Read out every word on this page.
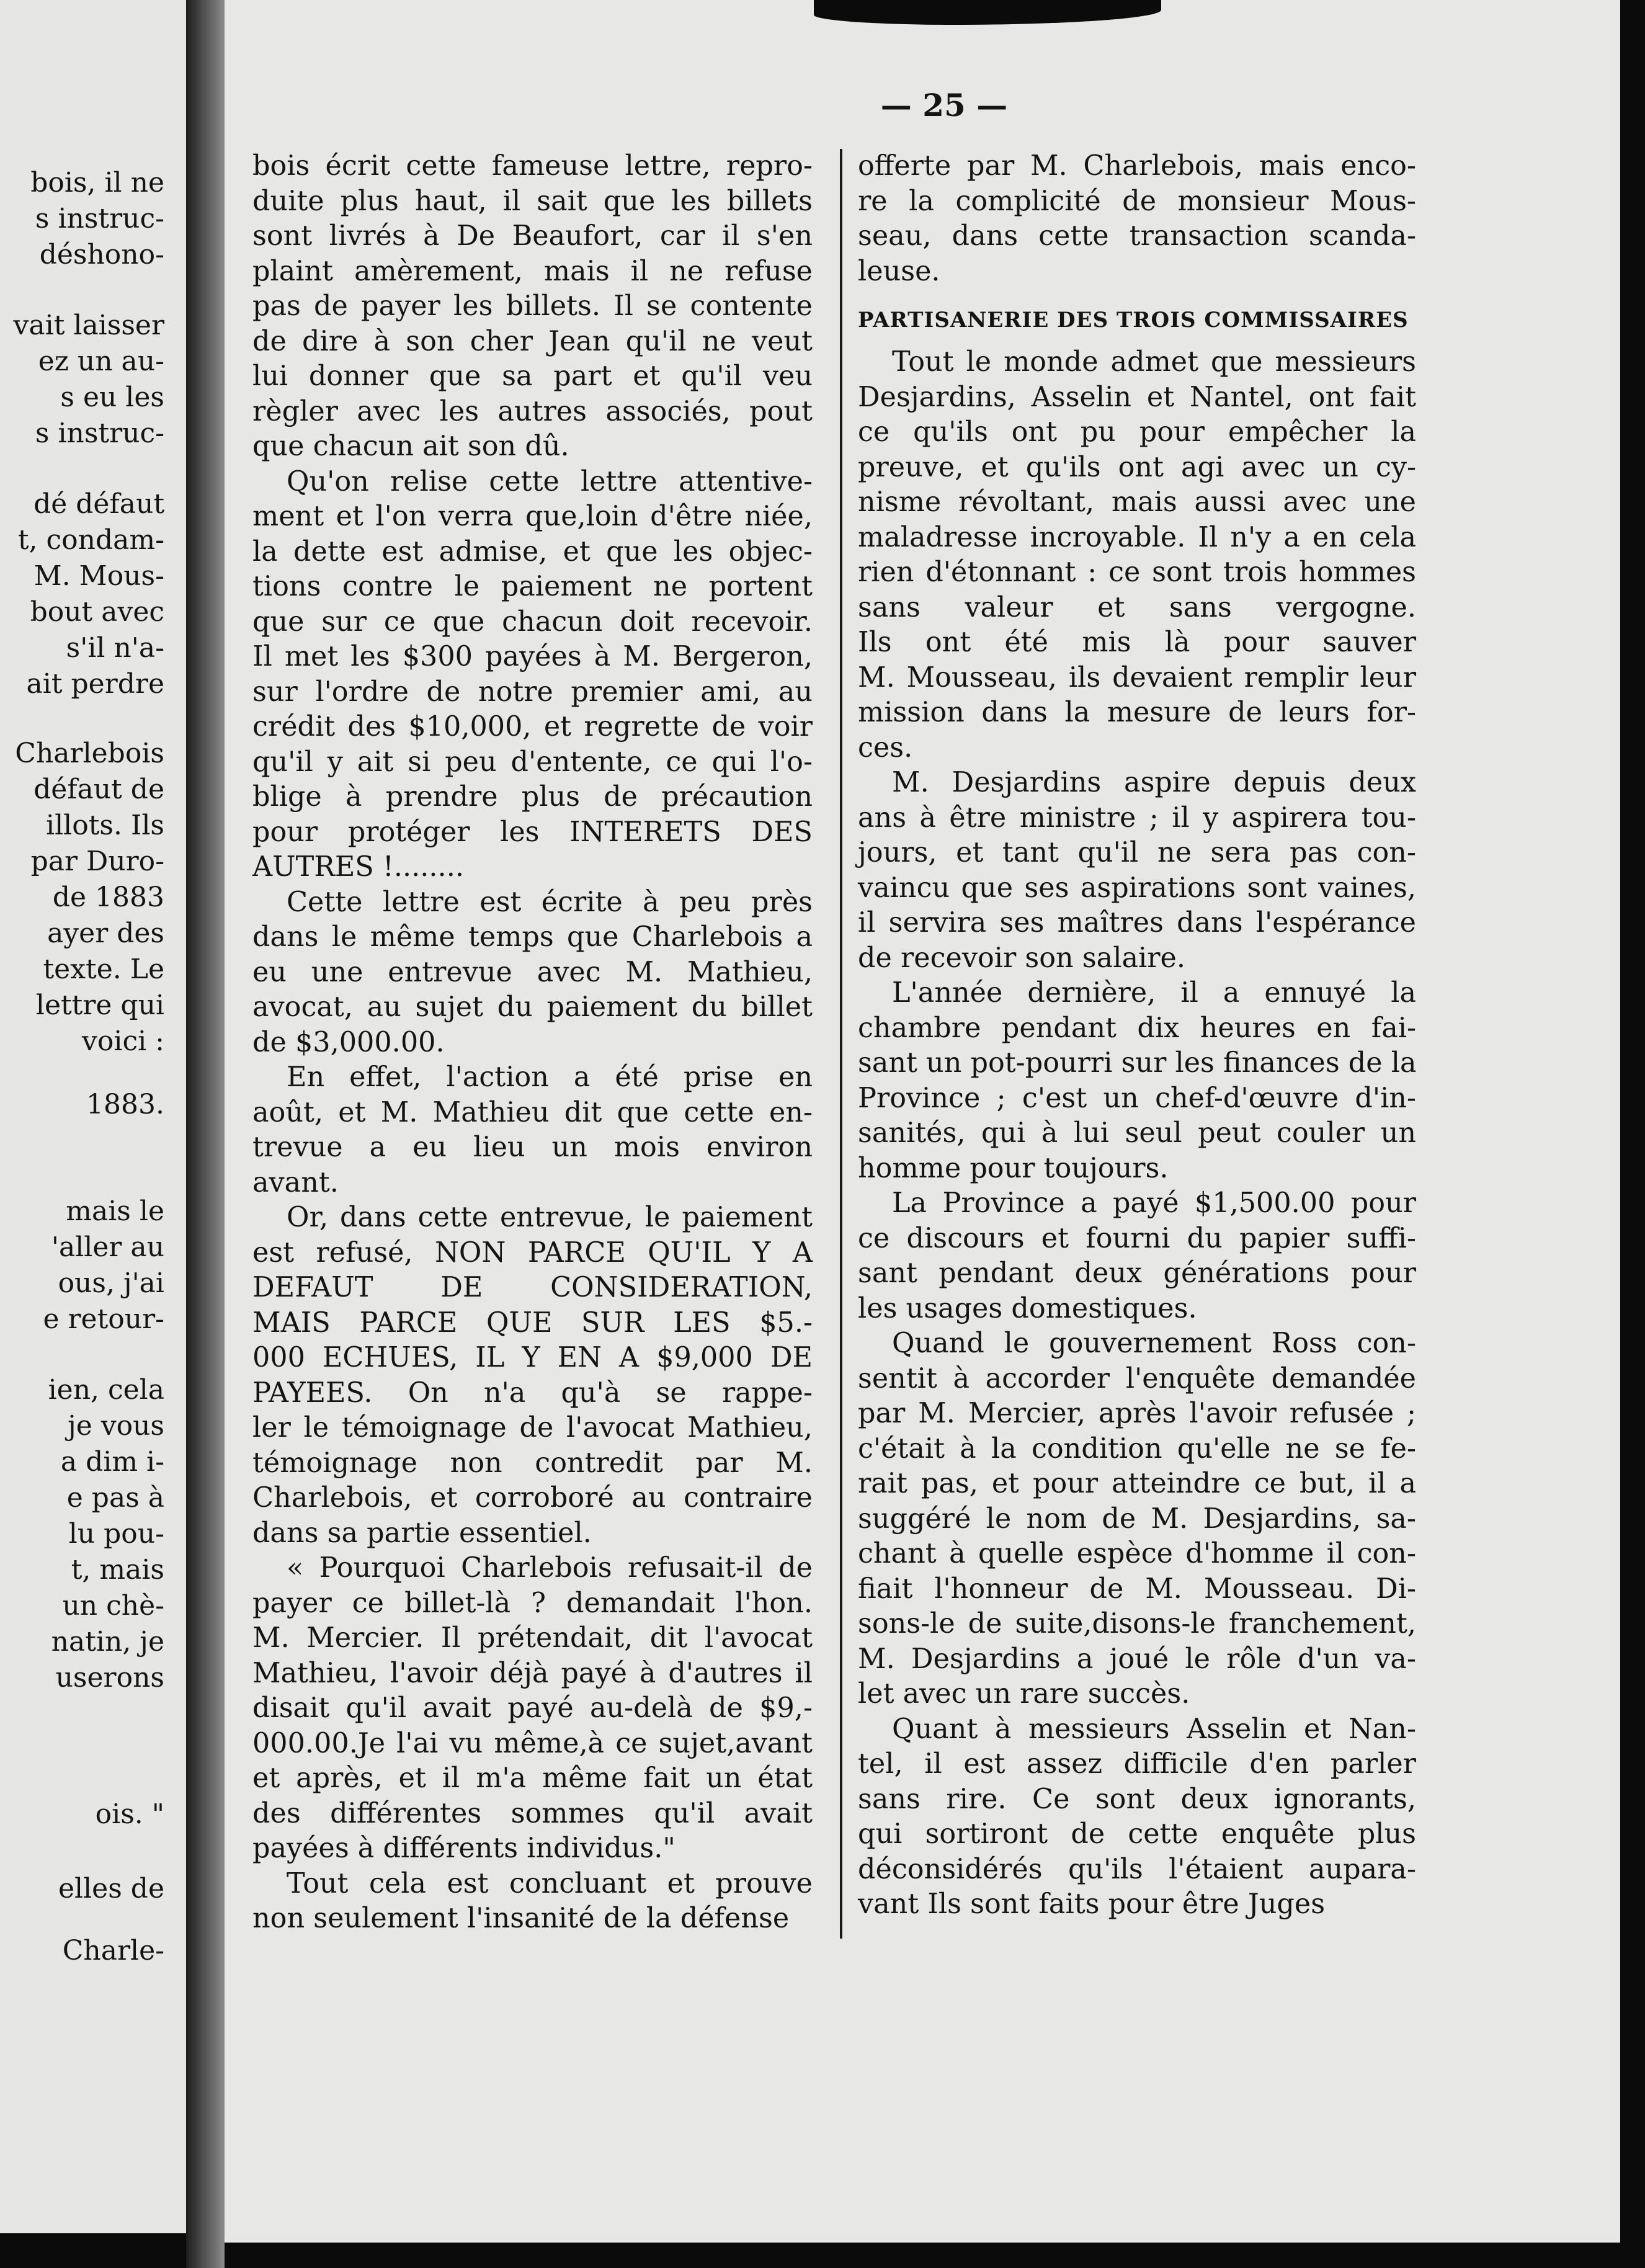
bois, il ne
s instruc-
déshono-
vait laisser
ez un au-
s eu les
s instruc-
dé défaut
t, condam-
M. Mous-
bout avec
s'il n'a-
ait perdre
Charlebois
défaut de
illots. Ils
par Duro-
de 1883
ayer des
texte. Le
lettre qui
voici :
1883.
mais le
'aller au
ous, j'ai
e retour-
ien, cela
je vous
a dim i-
e pas à
lu pou-
t, mais
un chè-
natin, je
userons
ois. "
elles de
Charle-
— 25 —

bois écrit cette fameuse lettre, repro-
duite plus haut, il sait que les billets
sont livrés à De Beaufort, car il s'en
plaint amèrement, mais il ne refuse
pas de payer les billets. Il se contente
de dire à son cher Jean qu'il ne veut
lui donner que sa part et qu'il veu
règler avec les autres associés, pout
que chacun ait son dû.

Qu'on relise cette lettre attentive-
ment et l'on verra que,loin d'être niée,
la dette est admise, et que les objec-
tions contre le paiement ne portent
que sur ce que chacun doit recevoir.
Il met les $300 payées à M. Bergeron,
sur l'ordre de notre premier ami, au
crédit des $10,000, et regrette de voir
qu'il y ait si peu d'entente, ce qui l'o-
blige à prendre plus de précaution
pour protéger les INTERETS DES
AUTRES !........

Cette lettre est écrite à peu près
dans le même temps que Charlebois a
eu une entrevue avec M. Mathieu,
avocat, au sujet du paiement du billet
de $3,000.00.

En effet, l'action a été prise en
août, et M. Mathieu dit que cette en-
trevue a eu lieu un mois environ
avant.

Or, dans cette entrevue, le paiement
est refusé, NON PARCE QU'IL Y A
DEFAUT DE CONSIDERATION,
MAIS PARCE QUE SUR LES $5.-
000 ECHUES, IL Y EN A $9,000 DE
PAYEES. On n'a qu'à se rappe-
ler le témoignage de l'avocat Mathieu,
témoignage non contredit par M.
Charlebois, et corroboré au contraire
dans sa partie essentiel.

« Pourquoi Charlebois refusait-il de
payer ce billet-là ? demandait l'hon.
M. Mercier. Il prétendait, dit l'avocat
Mathieu, l'avoir déjà payé à d'autres il
disait qu'il avait payé au-delà de $9,-
000.00.Je l'ai vu même,à ce sujet,avant
et après, et il m'a même fait un état
des différentes sommes qu'il avait
payées à différents individus."

Tout cela est concluant et prouve
non seulement l'insanité de la défense

offerte par M. Charlebois, mais enco-
re la complicité de monsieur Mous-
seau, dans cette transaction scanda-
leuse.

PARTISANERIE DES TROIS COMMISSAIRES

Tout le monde admet que messieurs
Desjardins, Asselin et Nantel, ont fait
ce qu'ils ont pu pour empêcher la
preuve, et qu'ils ont agi avec un cy-
nisme révoltant, mais aussi avec une
maladresse incroyable. Il n'y a en cela
rien d'étonnant : ce sont trois hommes
sans valeur et sans vergogne.
Ils ont été mis là pour sauver
M. Mousseau, ils devaient remplir leur
mission dans la mesure de leurs for-
ces.

M. Desjardins aspire depuis deux
ans à être ministre ; il y aspirera tou-
jours, et tant qu'il ne sera pas con-
vaincu que ses aspirations sont vaines,
il servira ses maîtres dans l'espérance
de recevoir son salaire.

L'année dernière, il a ennuyé la
chambre pendant dix heures en fai-
sant un pot-pourri sur les finances de la
Province ; c'est un chef-d'œuvre d'in-
sanités, qui à lui seul peut couler un
homme pour toujours.

La Province a payé $1,500.00 pour
ce discours et fourni du papier suffi-
sant pendant deux générations pour
les usages domestiques.

Quand le gouvernement Ross con-
sentit à accorder l'enquête demandée
par M. Mercier, après l'avoir refusée ;
c'était à la condition qu'elle ne se fe-
rait pas, et pour atteindre ce but, il a
suggéré le nom de M. Desjardins, sa-
chant à quelle espèce d'homme il con-
fiait l'honneur de M. Mousseau. Di-
sons-le de suite,disons-le franchement,
M. Desjardins a joué le rôle d'un va-
let avec un rare succès.

Quant à messieurs Asselin et Nan-
tel, il est assez difficile d'en parler
sans rire. Ce sont deux ignorants,
qui sortiront de cette enquête plus
déconsidérés qu'ils l'étaient aupara-
vant Ils sont faits pour être Juges
